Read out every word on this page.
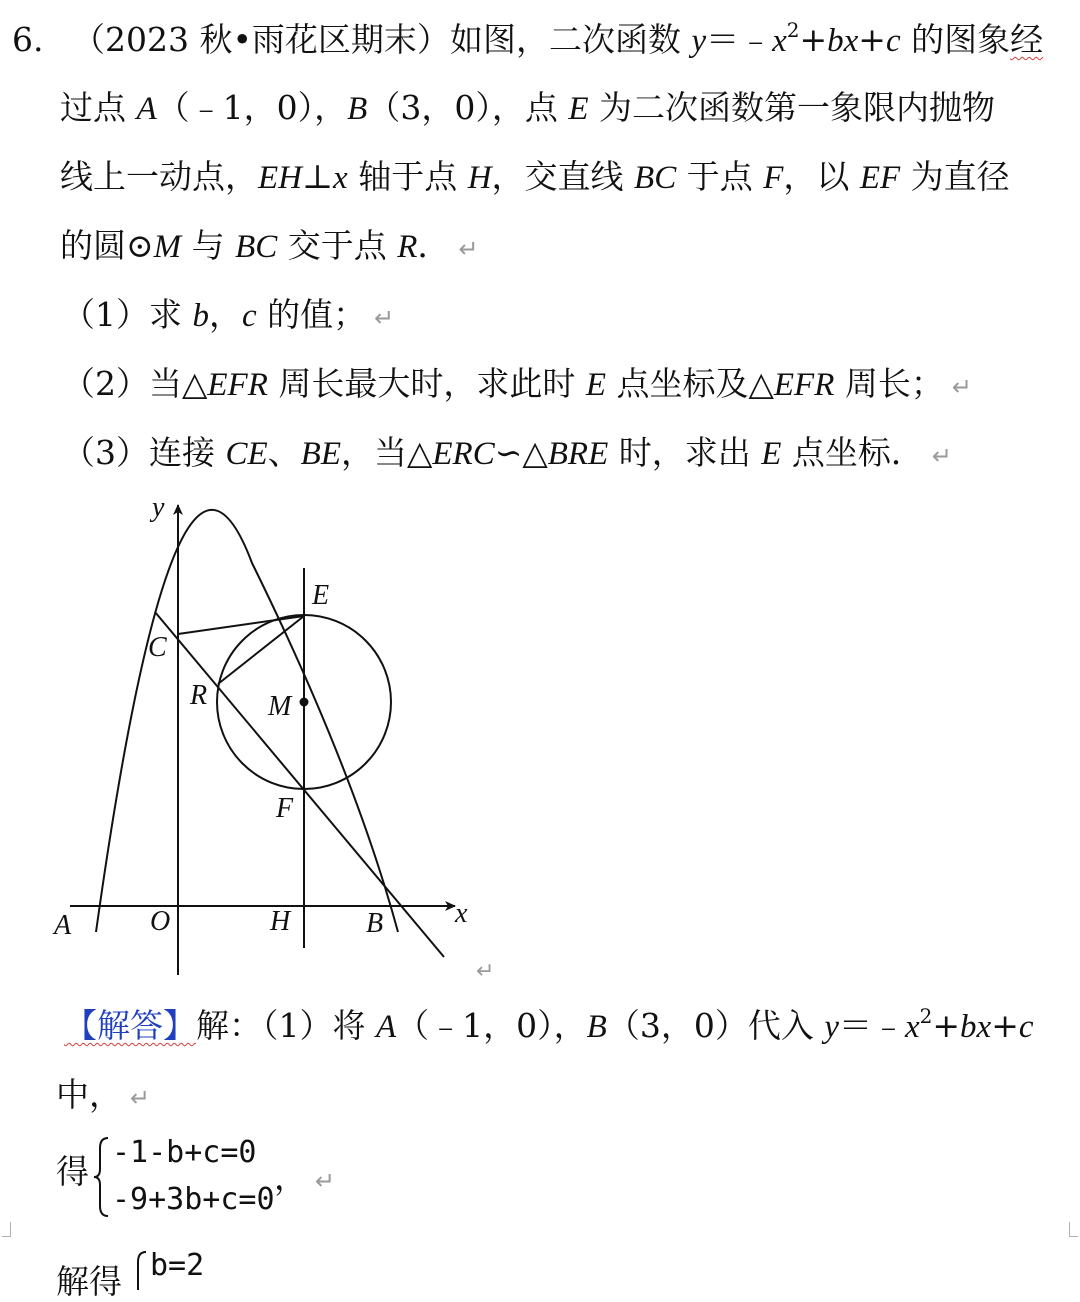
6. （2023 秋•雨花区期末）如图，二次函数 $y=﹣x^2+bx+c$ 的图象经
过点 A（﹣1，0），B（3，0），点 E 为二次函数第一象限内抛物
线上一动点，EH⊥x 轴于点 H，交直线 BC 于点 F，以 EF 为直径
的圆⊙M 与 BC 交于点 R． ↵
（1）求 b，c 的值； ↵
（2）当△EFR 周长最大时，求此时 E 点坐标及△EFR 周长； ↵
（3）连接 CE、BE，当△ERC∽△BRE 时，求出 E 点坐标． ↵
y
x
O
A	B
H
C
E
R M
F
↵
【解答】解：（1）将 A（﹣1，0），B（3，0）代入 $y=﹣x^2+bx+c$
中， ↵
得 -1-b+c=0
-9+3b+c=0
， ↵
解得 b=2
